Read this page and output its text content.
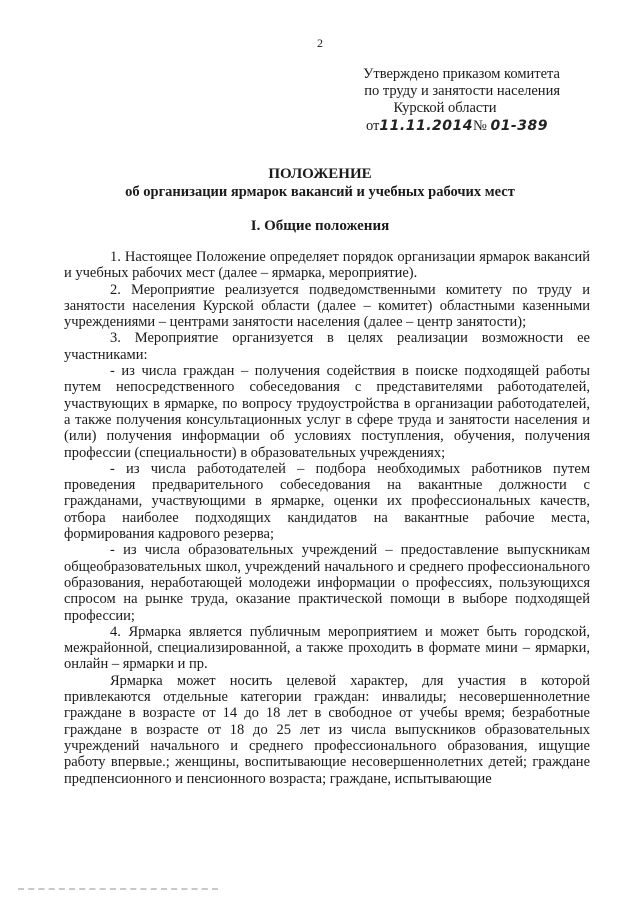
2
Утверждено приказом комитета
по труду и занятости населения
Курской области
от11.11.2014№ 01-389
ПОЛОЖЕНИЕ
об организации ярмарок вакансий и учебных рабочих мест
I. Общие положения

1. Настоящее Положение определяет порядок организации ярмарок вакансий и учебных рабочих мест (далее – ярмарка, мероприятие).

2. Мероприятие реализуется подведомственными комитету по труду и занятости населения Курской области (далее – комитет) областными казенными учреждениями – центрами занятости населения (далее – центр занятости);

3. Мероприятие организуется в целях реализации возможности ее участниками:

- из числа граждан – получения содействия в поиске подходящей работы путем непосредственного собеседования с представителями работодателей, участвующих в ярмарке, по вопросу трудоустройства в организации работодателей, а также получения консультационных услуг в сфере труда и занятости населения и (или) получения информации об условиях поступления, обучения, получения профессии (специальности) в образовательных учреждениях;

- из числа работодателей – подбора необходимых работников путем проведения предварительного собеседования на вакантные должности с гражданами, участвующими в ярмарке, оценки их профессиональных качеств, отбора наиболее подходящих кандидатов на вакантные рабочие места, формирования кадрового резерва;

- из числа образовательных учреждений – предоставление выпускникам общеобразовательных школ, учреждений начального и среднего профессионального образования, неработающей молодежи информации о профессиях, пользующихся спросом на рынке труда, оказание практической помощи в выборе подходящей профессии;

4. Ярмарка является публичным мероприятием и может быть городской, межрайонной, специализированной, а также проходить в формате мини – ярмарки, онлайн – ярмарки и пр.

Ярмарка может носить целевой характер, для участия в которой привлекаются отдельные категории граждан: инвалиды; несовершеннолетние граждане в возрасте от 14 до 18 лет в свободное от учебы время; безработные граждане в возрасте от 18 до 25 лет из числа выпускников образовательных учреждений начального и среднего профессионального образования, ищущие работу впервые.; женщины, воспитывающие несовершеннолетних детей; граждане предпенсионного и пенсионного возраста; граждане, испытывающие
